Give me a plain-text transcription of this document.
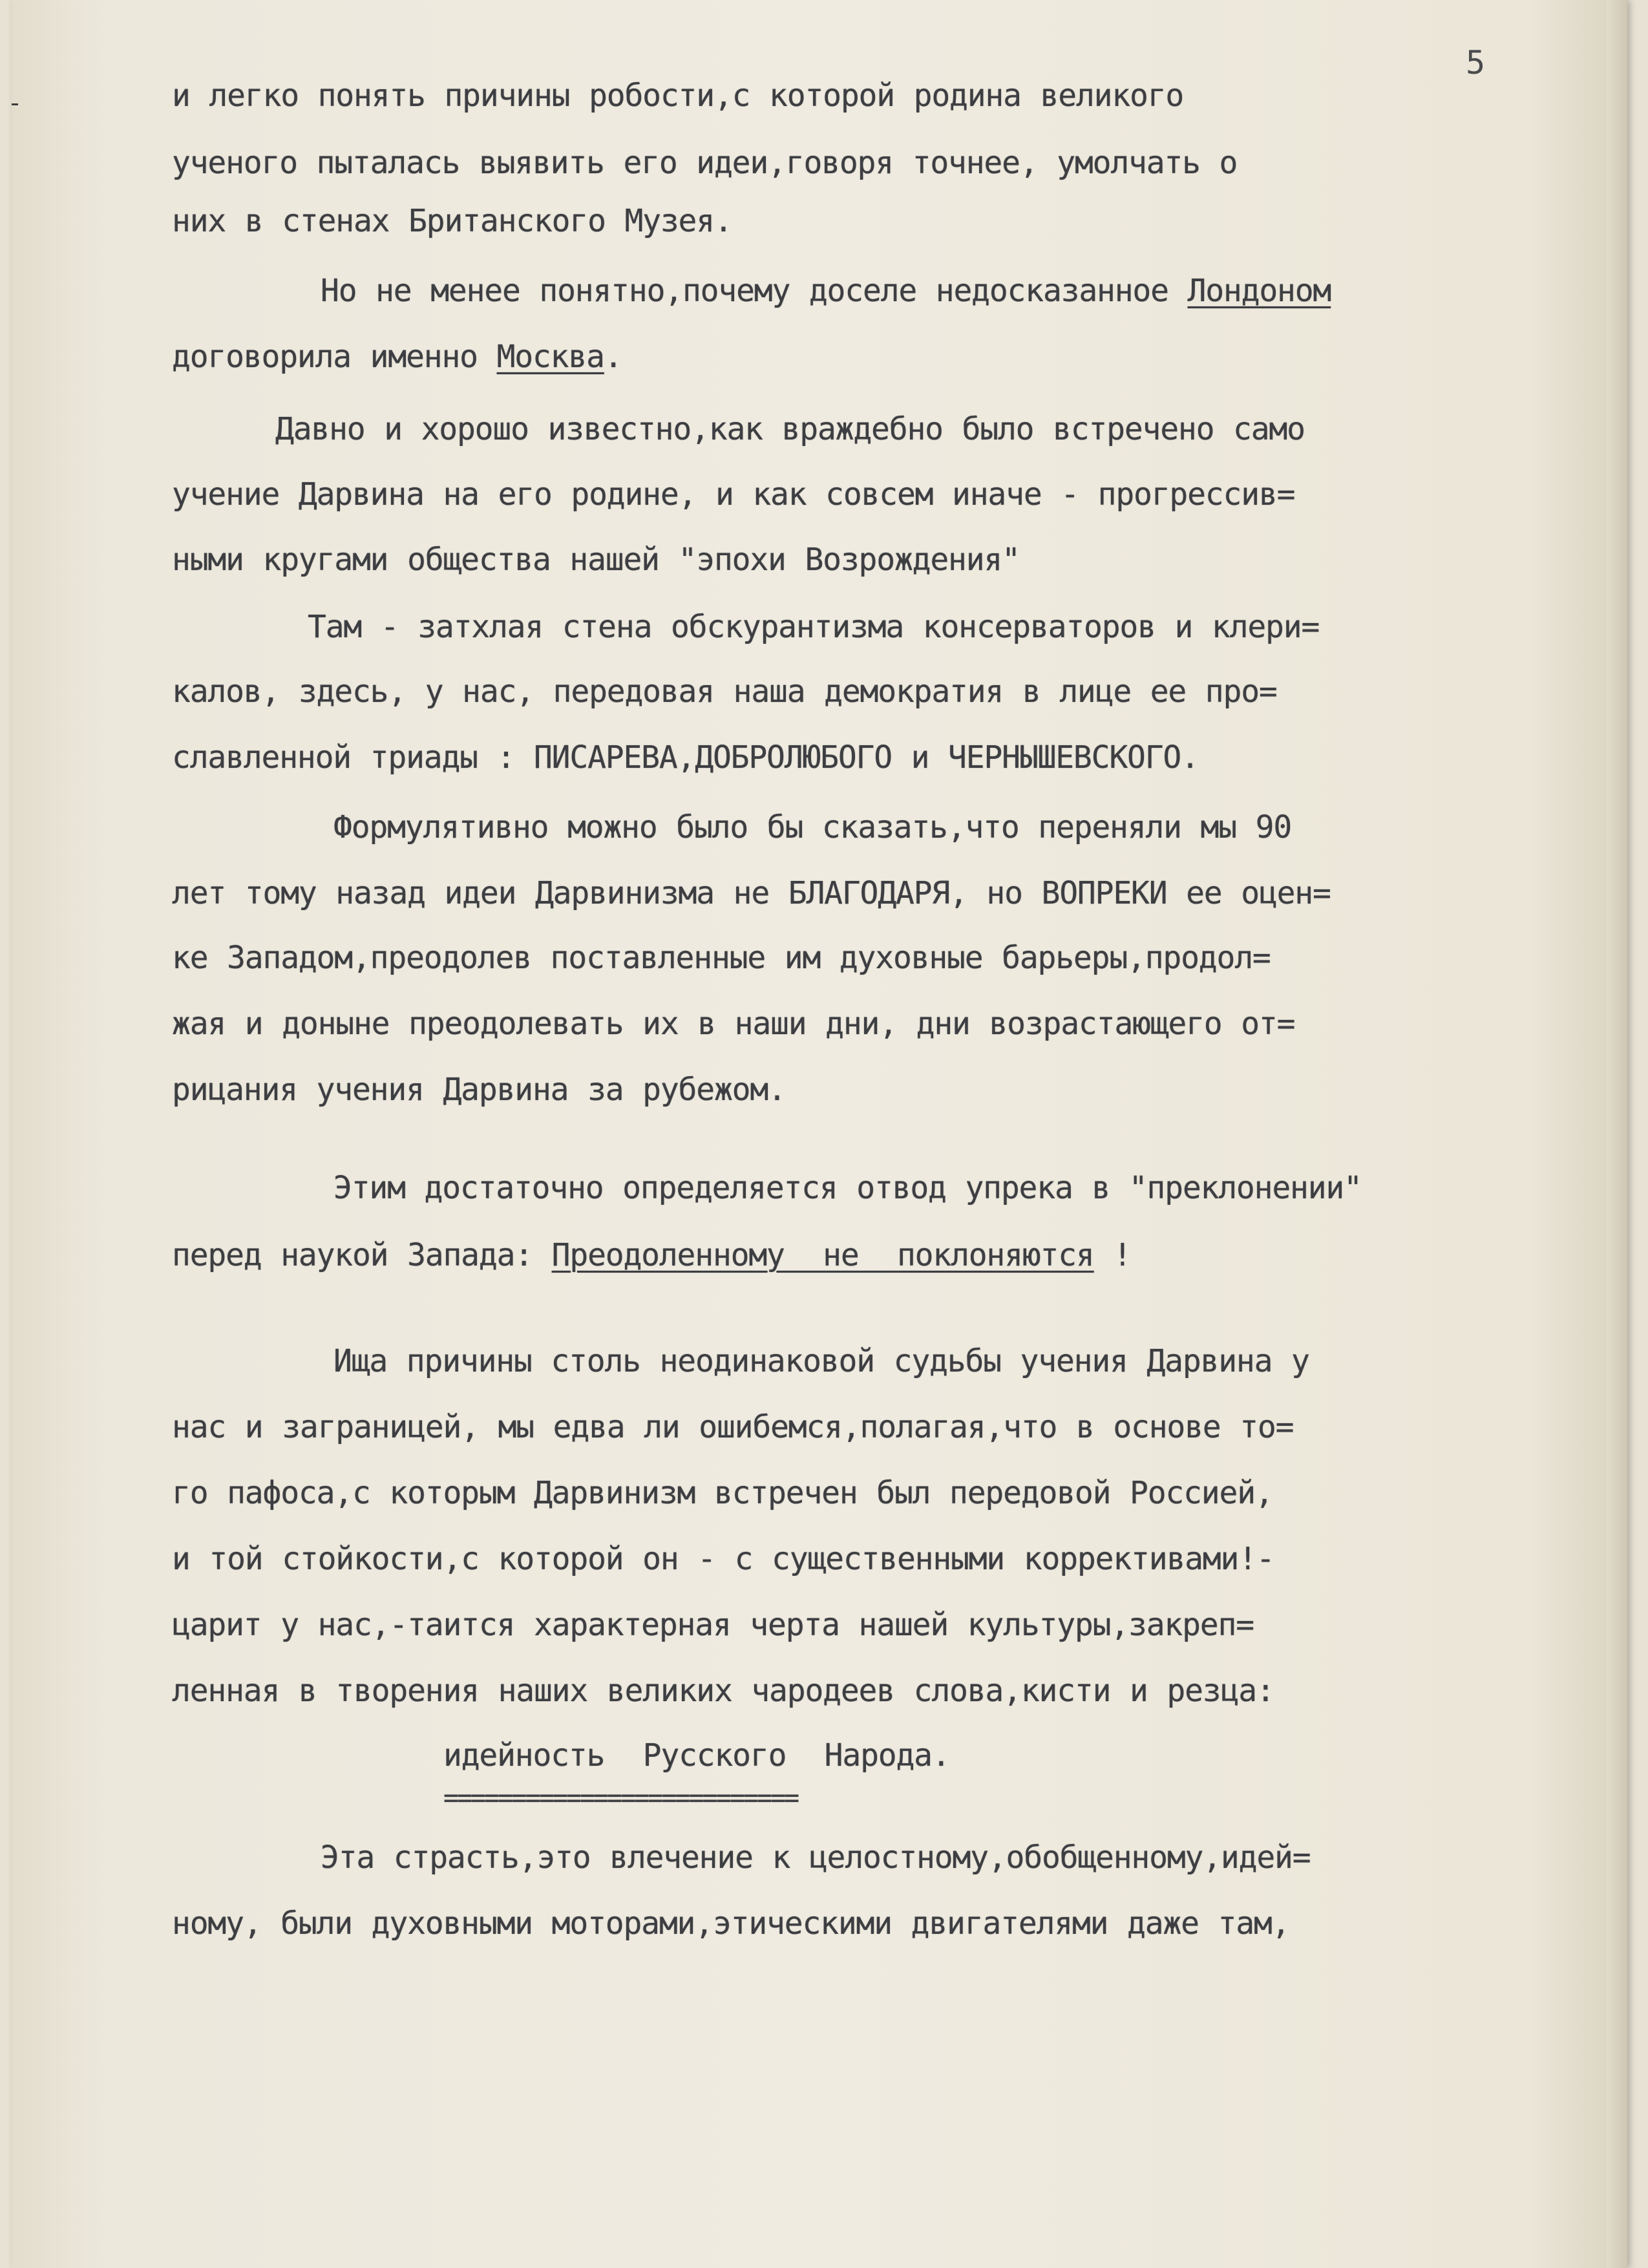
5
и легко понять причины робости,с которой родина великого
ученого пыталась выявить его идеи,говоря точнее, умолчать о
них в стенах Британского Музея.
Но не менее понятно,почему доселе недосказанное Лондоном
договорила именно Москва.
Давно и хорошо известно,как враждебно было встречено само
учение Дарвина на его родине, и как совсем иначе - прогрессив=
ными кругами общества нашей "эпохи Возрождения"
Там - затхлая стена обскурантизма консерваторов и клери=
калов, здесь, у нас, передовая наша демократия в лице ее про=
славленной триады : ПИСАРЕВА,ДОБРОЛЮБОГО и ЧЕРНЫШЕВСКОГО.
Формулятивно можно было бы сказать,что переняли мы 90
лет тому назад идеи Дарвинизма не БЛАГОДАРЯ, но ВОПРЕКИ ее оцен=
ке Западом,преодолев поставленные им духовные барьеры,продол=
жая и доныне преодолевать их в наши дни, дни возрастающего от=
рицания учения Дарвина за рубежом.
Этим достаточно определяется отвод упрека в "преклонении"
перед наукой Запада: Преодоленному  не  поклоняются !
Ища причины столь неодинаковой судьбы учения Дарвина у
нас и заграницей, мы едва ли ошибемся,полагая,что в основе то=
го пафоса,с которым Дарвинизм встречен был передовой Россией,
и той стойкости,с которой он - с существенными коррективами!-
царит у нас,-таится характерная черта нашей культуры,закреп=
ленная в творения наших великих чародеев слова,кисти и резца:
идейность  Русского  Народа.
==========================
Эта страсть,это влечение к целостному,обобщенному,идей=
ному, были духовными моторами,этическими двигателями даже там,
